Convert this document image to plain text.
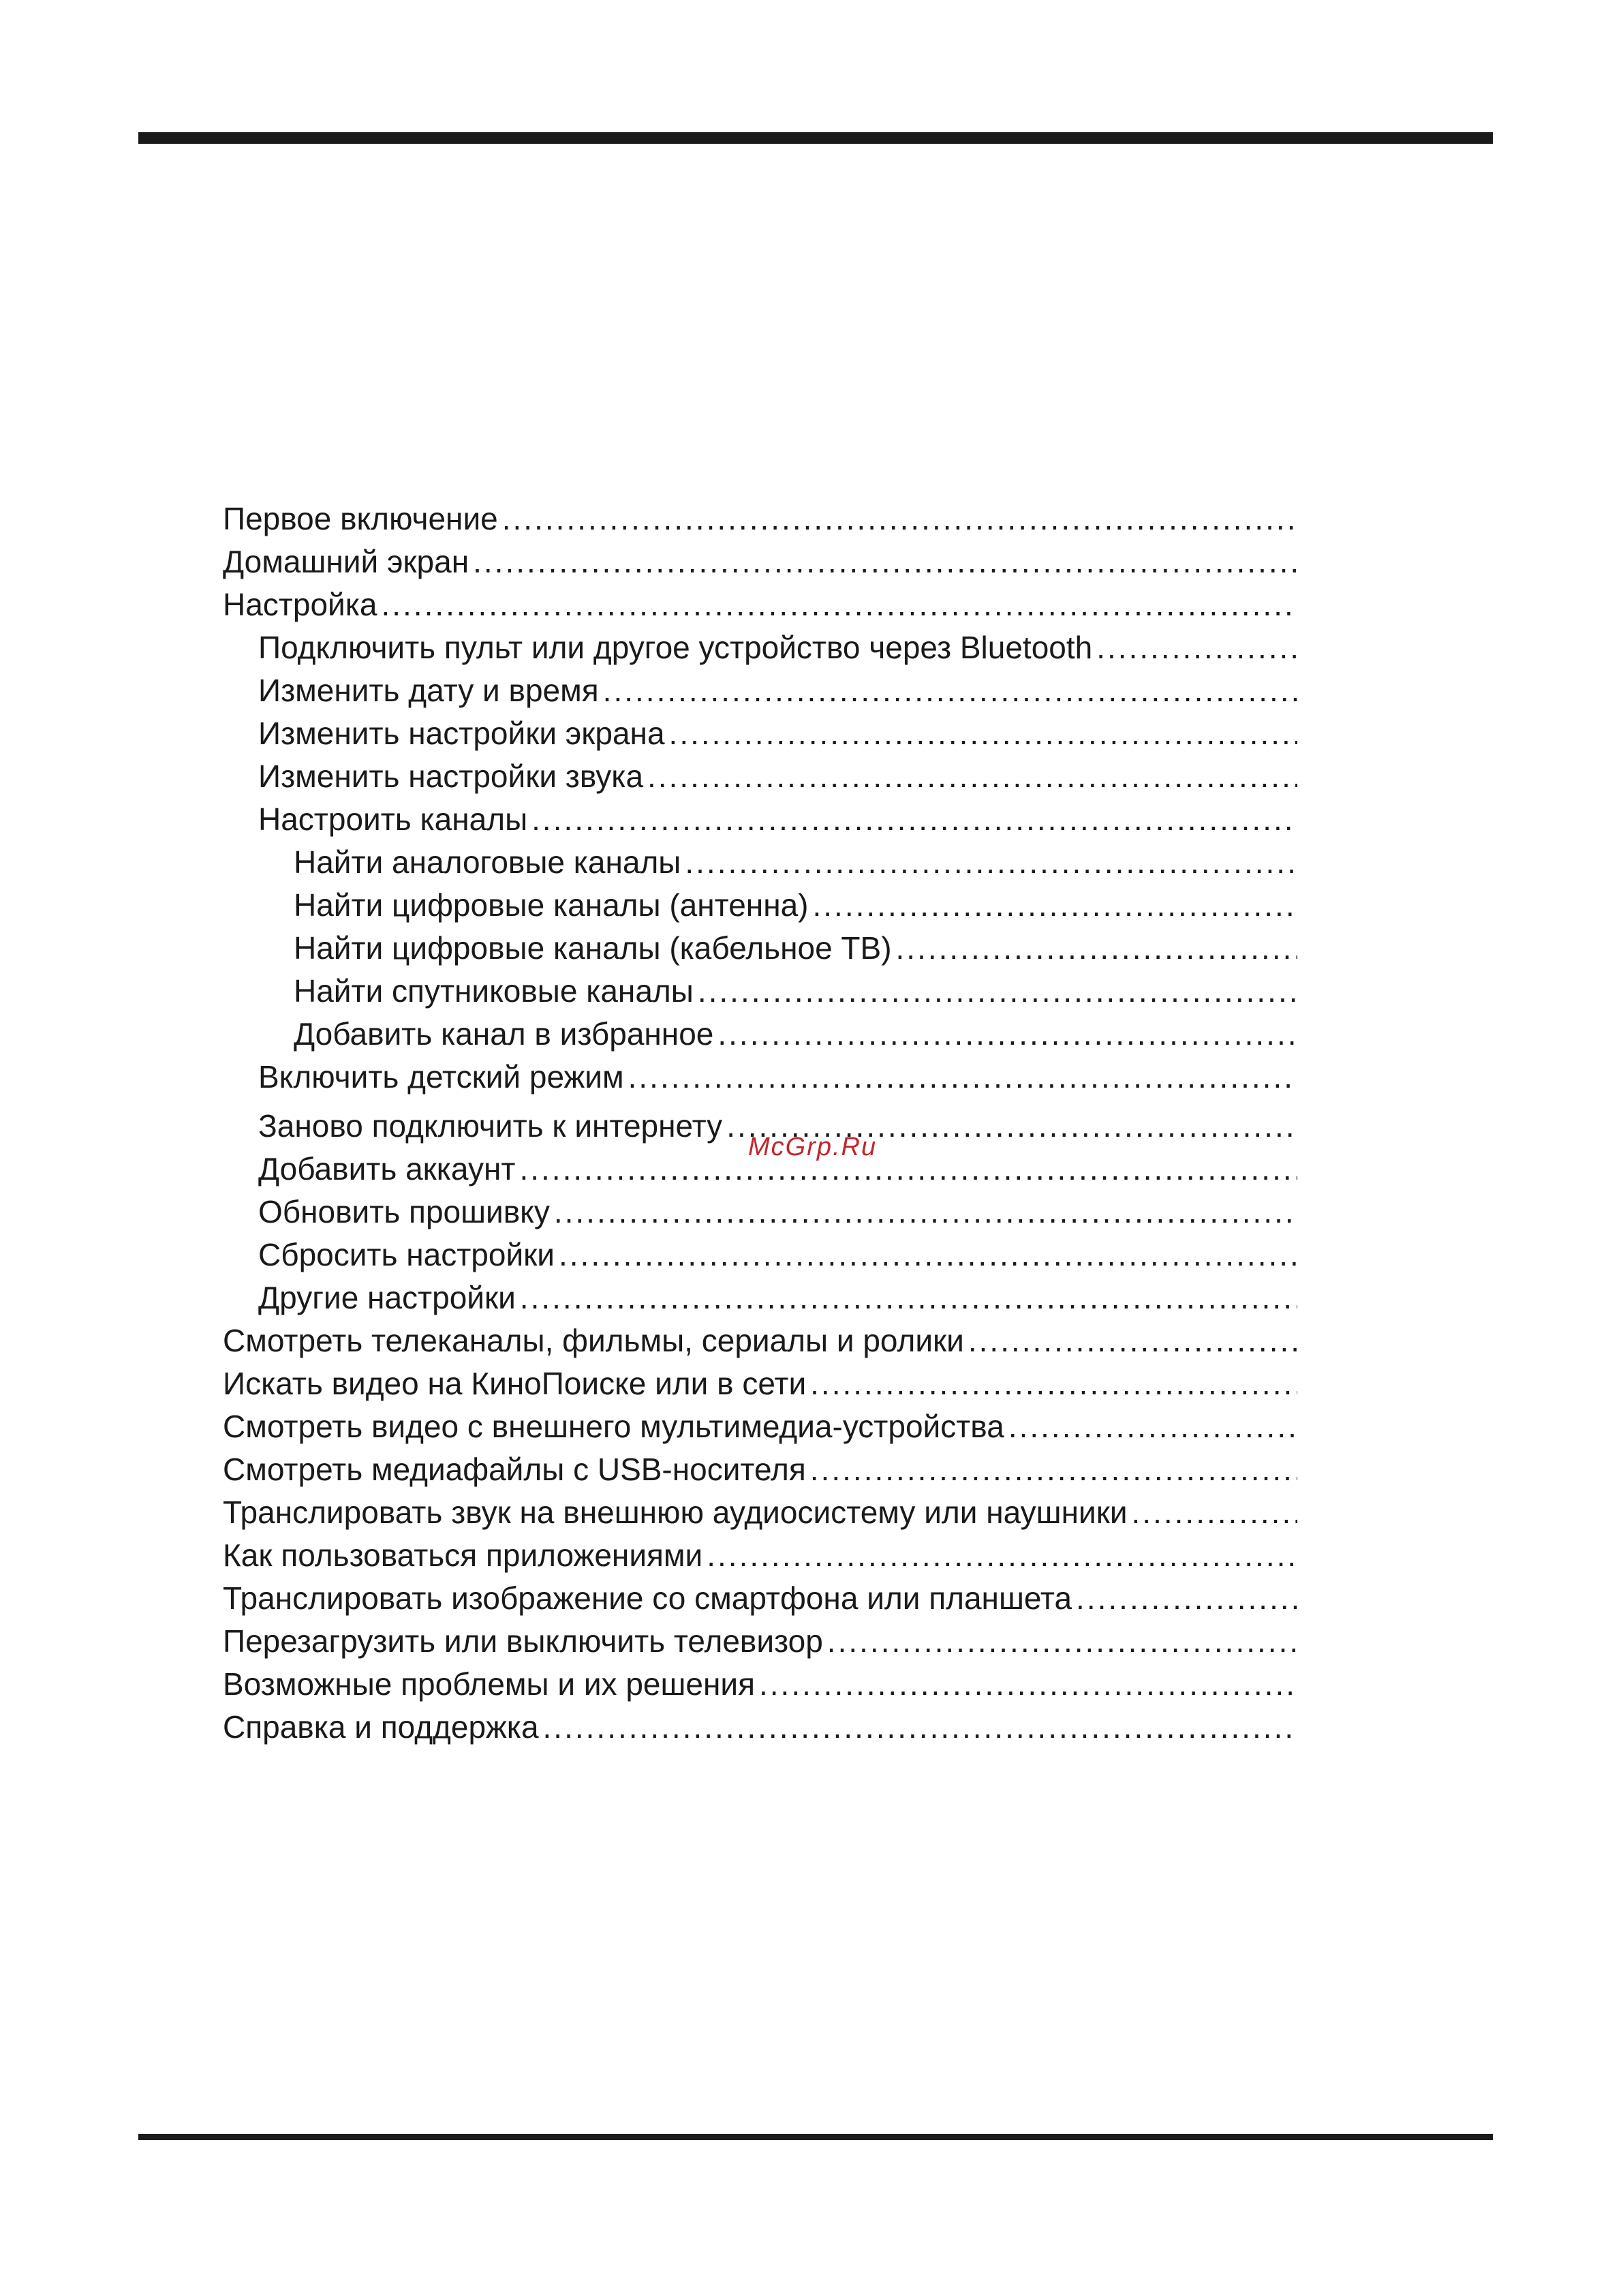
Первое включение
.....
Домашний экран
.....
Настройка
.....
Подключить пульт или другое устройство через Bluetooth
.....
Изменить дату и время
.....
Изменить настройки экрана
.....
Изменить настройки звука
.....
Настроить каналы
.....
Найти аналоговые каналы
.....
Найти цифровые каналы (антенна)
.....
Найти цифровые каналы (кабельное ТВ)
.....
Найти спутниковые каналы
.....
Добавить канал в избранное
.....
Включить детский режим
.....
Заново подключить к интернету
.....
Добавить аккаунт
.....
Обновить прошивку
.....
Сбросить настройки
.....
Другие настройки
.....
Смотреть телеканалы, фильмы, сериалы и ролики
.....
Искать видео на КиноПоиске или в сети
.....
Смотреть видео с внешнего мультимедиа-устройства
.....
Смотреть медиафайлы с USB-носителя
.....
Транслировать звук на внешнюю аудиосистему или наушники
.....
Как пользоваться приложениями
.....
Транслировать изображение со смартфона или планшета
.....
Перезагрузить или выключить телевизор
.....
Возможные проблемы и их решения
.....
Справка и поддержка
.....
McGrp.Ru
